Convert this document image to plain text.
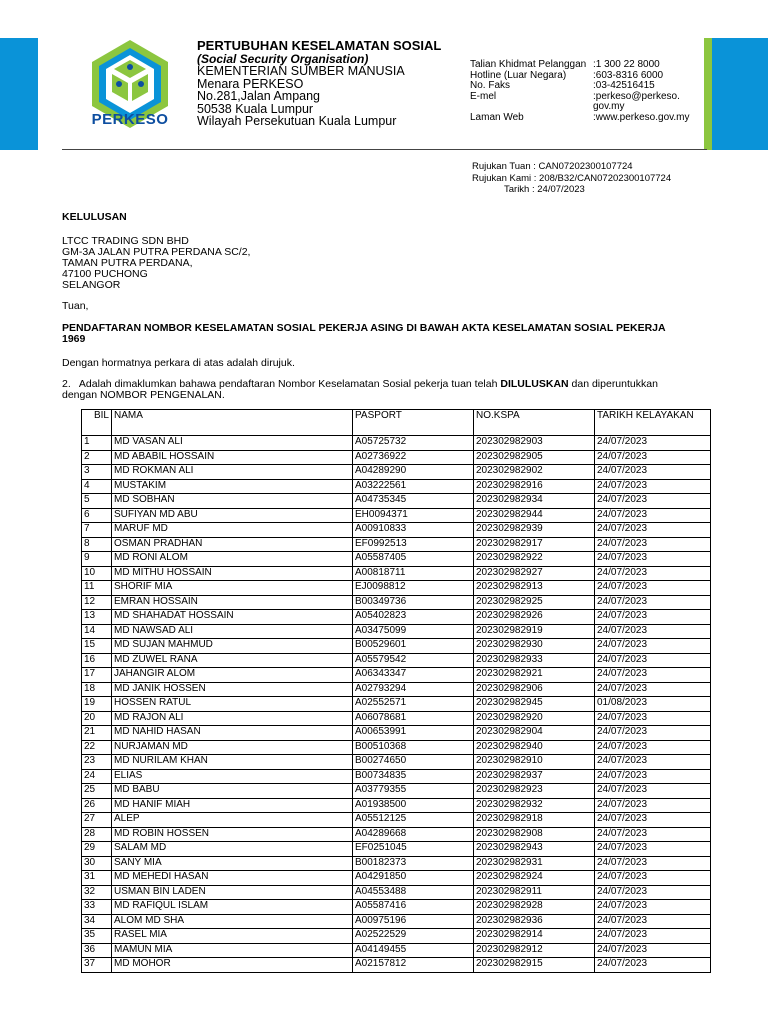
PERKESO
PERTUBUHAN KESELAMATAN SOSIAL
(Social Security Organisation)
KEMENTERIAN SUMBER MANUSIA
Menara PERKESO
No.281,Jalan Ampang
50538 Kuala Lumpur
Wilayah Persekutuan Kuala Lumpur
Talian Khidmat Pelanggan :1 300 22 8000
Hotline (Luar Negara)	:603-8316 6000
No. Faks	:03-42516415
E-mel	:perkeso@perkeso.
gov.my
Laman Web	:www.perkeso.gov.my
Rujukan Tuan : CAN07202300107724
Rujukan Kami : 208/B32/CAN07202300107724
Tarikh : 24/07/2023
KELULUSAN
LTCC TRADING SDN BHD
GM-3A JALAN PUTRA PERDANA SC/2,
TAMAN PUTRA PERDANA,
47100 PUCHONG
SELANGOR
Tuan,
PENDAFTARAN NOMBOR KESELAMATAN SOSIAL PEKERJA ASING DI BAWAH AKTA KESELAMATAN SOSIAL PEKERJA
1969
Dengan hormatnya perkara di atas adalah dirujuk.
2.   Adalah dimaklumkan bahawa pendaftaran Nombor Keselamatan Sosial pekerja tuan telah DILULUSKAN dan diperuntukkan
dengan NOMBOR PENGENALAN.
BIL	NAMA	PASPORT	NO.KSPA	TARIKH KELAYAKAN
1	MD VASAN ALI	A05725732	202302982903	24/07/2023
2	MD ABABIL HOSSAIN	A02736922	202302982905	24/07/2023
3	MD ROKMAN ALI	A04289290	202302982902	24/07/2023
4	MUSTAKIM	A03222561	202302982916	24/07/2023
5	MD SOBHAN	A04735345	202302982934	24/07/2023
6	SUFIYAN MD ABU	EH0094371	202302982944	24/07/2023
7	MARUF MD	A00910833	202302982939	24/07/2023
8	OSMAN PRADHAN	EF0992513	202302982917	24/07/2023
9	MD RONI ALOM	A05587405	202302982922	24/07/2023
10	MD MITHU HOSSAIN	A00818711	202302982927	24/07/2023
11	SHORIF MIA	EJ0098812	202302982913	24/07/2023
12	EMRAN HOSSAIN	B00349736	202302982925	24/07/2023
13	MD SHAHADAT HOSSAIN	A05402823	202302982926	24/07/2023
14	MD NAWSAD ALI	A03475099	202302982919	24/07/2023
15	MD SUJAN MAHMUD	B00529601	202302982930	24/07/2023
16	MD ZUWEL RANA	A05579542	202302982933	24/07/2023
17	JAHANGIR ALOM	A06343347	202302982921	24/07/2023
18	MD JANIK HOSSEN	A02793294	202302982906	24/07/2023
19	HOSSEN RATUL	A02552571	202302982945	01/08/2023
20	MD RAJON ALI	A06078681	202302982920	24/07/2023
21	MD NAHID HASAN	A00653991	202302982904	24/07/2023
22	NURJAMAN MD	B00510368	202302982940	24/07/2023
23	MD NURILAM KHAN	B00274650	202302982910	24/07/2023
24	ELIAS	B00734835	202302982937	24/07/2023
25	MD BABU	A03779355	202302982923	24/07/2023
26	MD HANIF MIAH	A01938500	202302982932	24/07/2023
27	ALEP	A05512125	202302982918	24/07/2023
28	MD ROBIN HOSSEN	A04289668	202302982908	24/07/2023
29	SALAM MD	EF0251045	202302982943	24/07/2023
30	SANY MIA	B00182373	202302982931	24/07/2023
31	MD MEHEDI HASAN	A04291850	202302982924	24/07/2023
32	USMAN BIN LADEN	A04553488	202302982911	24/07/2023
33	MD RAFIQUL ISLAM	A05587416	202302982928	24/07/2023
34	ALOM MD SHA	A00975196	202302982936	24/07/2023
35	RASEL MIA	A02522529	202302982914	24/07/2023
36	MAMUN MIA	A04149455	202302982912	24/07/2023
37	MD MOHOR	A02157812	202302982915	24/07/2023
